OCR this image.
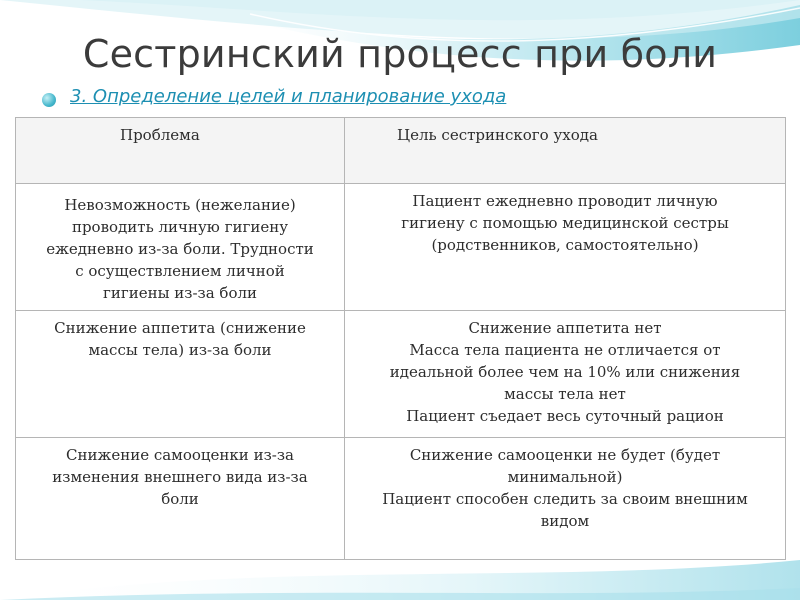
Сестринский процесс при боли
3. Определение целей и планирование ухода
Проблема	Цель сестринского ухода
Невозможность (нежелание)
проводить личную гигиену
ежедневно из-за боли. Трудности
с осуществлением личной
гигиены из-за боли	Пациент ежедневно проводит личную
гигиену с помощью медицинской сестры
(родственников, самостоятельно)
Снижение аппетита (снижение
массы тела) из-за боли	Снижение аппетита нет
Масса тела пациента не отличается от
идеальной более чем на 10% или снижения
массы тела нет
Пациент съедает весь суточный рацион

Снижение самооценки из-за
изменения внешнего вида из-за
боли	Снижение самооценки не будет (будет
минимальной)
Пациент способен следить за своим внешним
видом
